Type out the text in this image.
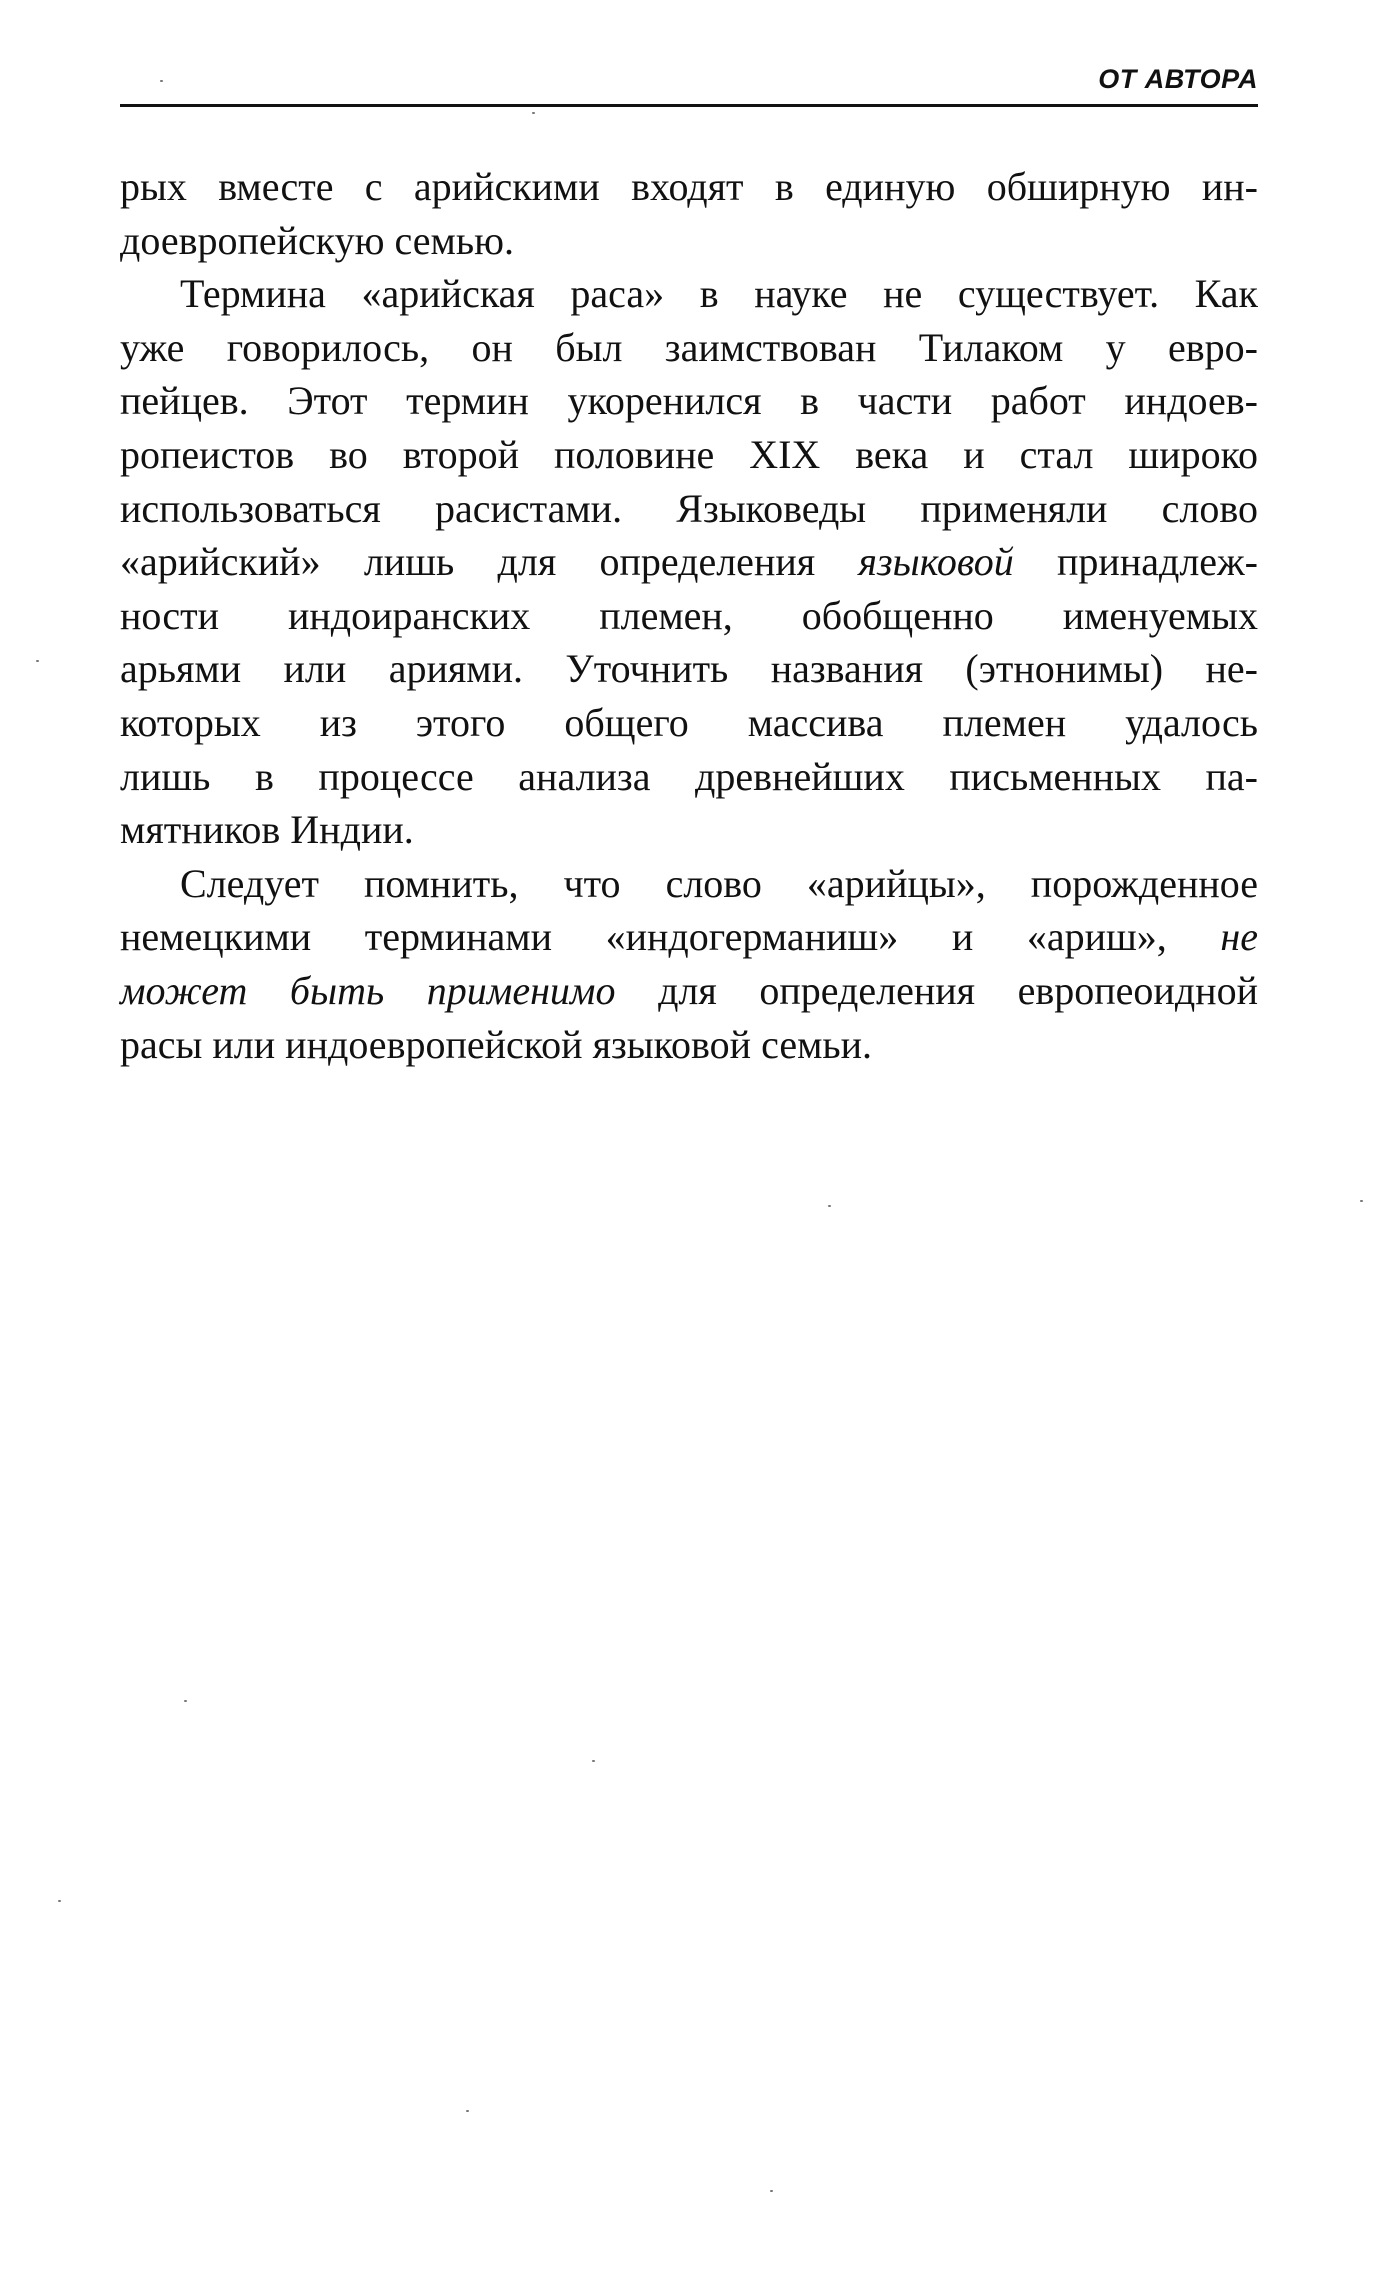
ОТ АВТОРА
рых вместе с арийскими входят в единую обширную ин-
доевропейскую семью.
Термина «арийская раса» в науке не существует. Как
уже говорилось, он был заимствован Тилаком у евро-
пейцев. Этот термин укоренился в части работ индоев-
ропеистов во второй половине XIX века и стал широко
использоваться расистами. Языковеды применяли слово
«арийский» лишь для определения языковой принадлеж-
ности индоиранских племен, обобщенно именуемых
арьями или ариями. Уточнить названия (этнонимы) не-
которых из этого общего массива племен удалось
лишь в процессе анализа древнейших письменных па-
мятников Индии.
Следует помнить, что слово «арийцы», порожденное
немецкими терминами «индогерманиш» и «ариш», не
может быть применимо для определения европеоидной
расы или индоевропейской языковой семьи.
